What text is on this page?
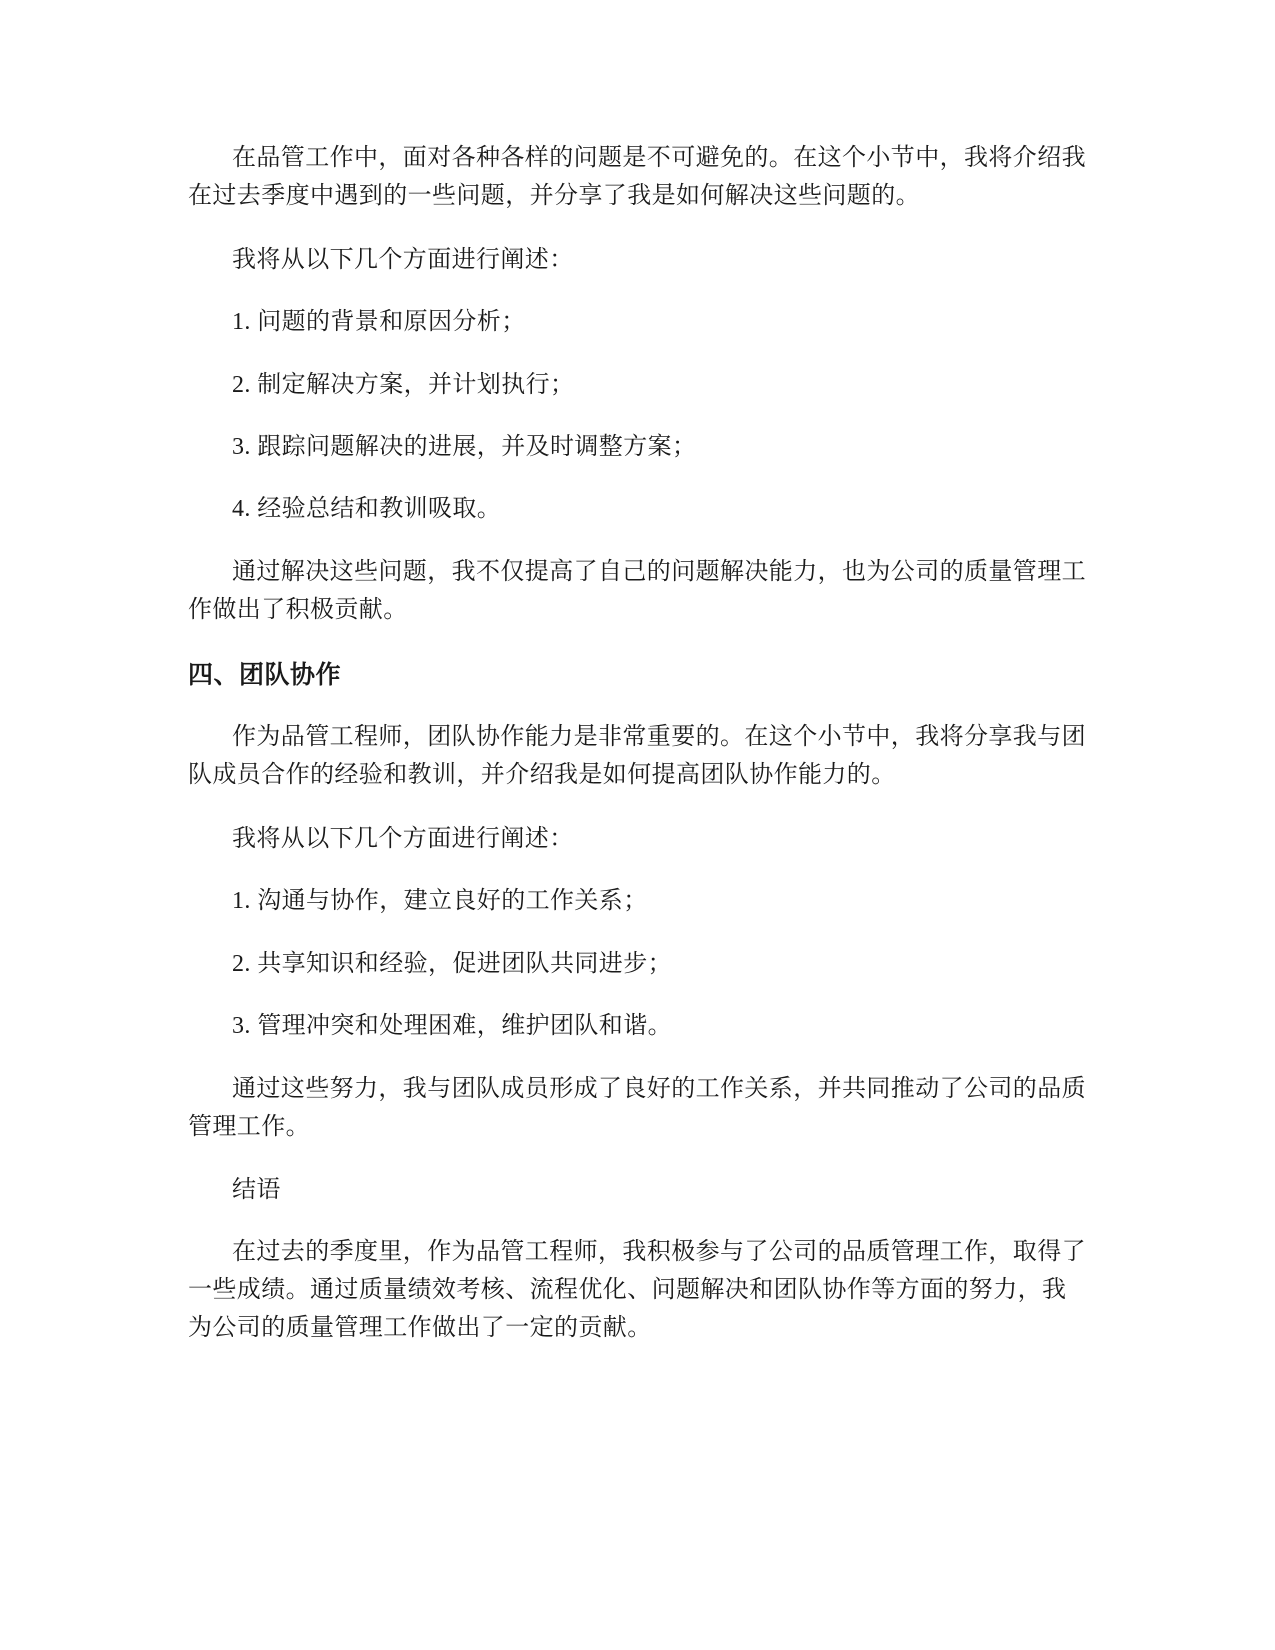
在品管工作中，面对各种各样的问题是不可避免的。在这个小节中，我将介绍我在过去季度中遇到的一些问题，并分享了我是如何解决这些问题的。

我将从以下几个方面进行阐述：

1. 问题的背景和原因分析；

2. 制定解决方案，并计划执行；

3. 跟踪问题解决的进展，并及时调整方案；

4. 经验总结和教训吸取。

通过解决这些问题，我不仅提高了自己的问题解决能力，也为公司的质量管理工作做出了积极贡献。

四、团队协作

作为品管工程师，团队协作能力是非常重要的。在这个小节中，我将分享我与团队成员合作的经验和教训，并介绍我是如何提高团队协作能力的。

我将从以下几个方面进行阐述：

1. 沟通与协作，建立良好的工作关系；

2. 共享知识和经验，促进团队共同进步；

3. 管理冲突和处理困难，维护团队和谐。

通过这些努力，我与团队成员形成了良好的工作关系，并共同推动了公司的品质管理工作。

结语

在过去的季度里，作为品管工程师，我积极参与了公司的品质管理工作，取得了一些成绩。通过质量绩效考核、流程优化、问题解决和团队协作等方面的努力，我为公司的质量管理工作做出了一定的贡献。
